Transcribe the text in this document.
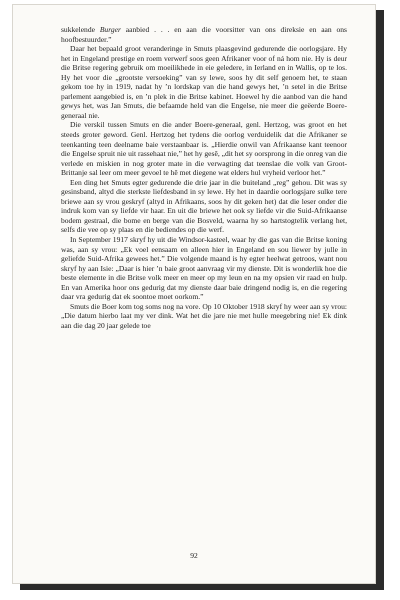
sukkelende Burger aanbied . . . en aan die voorsitter van ons direksie en aan ons hoofbestuurder.”

Daar het bepaald groot veranderinge in Smuts plaasgevind gedurende die oorlogsjare. Hy het in Engeland prestige en roem verwerf soos geen Afrikaner voor of ná hom nie. Hy is deur die Britse regering gebruik om moeilikhede in eie geledere, in Ierland en in Wallis, op te los. Hy het voor die „grootste versoeking” van sy lewe, soos hy dit self genoem het, te staan gekom toe hy in 1919, nadat hy ’n lordskap van die hand gewys het, ’n setel in die Britse parlement aangebied is, en ’n plek in die Britse kabinet. Hoewel hy die aanbod van die hand gewys het, was Jan Smuts, die befaamde held van die Engelse, nie meer die geëerde Boere-generaal nie.

Die verskil tussen Smuts en die ander Boere-generaal, genl. Hertzog, was groot en het steeds groter geword. Genl. Hertzog het tydens die oorlog verduidelik dat die Afrikaner se teenkanting teen deelname baie verstaanbaar is. „Hierdie onwil van Afrikaanse kant teenoor die Engelse spruit nie uit rassehaat nie,” het hy gesê, „dit het sy oorsprong in die onreg van die verlede en miskien in nog groter mate in die verwagting dat teenslae die volk van Groot-Brittanje sal leer om meer gevoel te hê met diegene wat elders hul vryheid verloor het.”

Een ding het Smuts egter gedurende die drie jaar in die buiteland „reg” gehou. Dit was sy gesinsband, altyd die sterkste liefdesband in sy lewe. Hy het in daardie oorlogsjare sulke tere briewe aan sy vrou geskryf (altyd in Afrikaans, soos hy dit geken het) dat die leser onder die indruk kom van sy liefde vir haar. En uit die briewe het ook sy liefde vir die Suid-Afrikaanse bodem gestraal, die bome en berge van die Bosveld, waarna hy so hartstogtelik verlang het, selfs die vee op sy plaas en die bediendes op die werf.

In September 1917 skryf hy uit die Windsor-kasteel, waar hy die gas van die Britse koning was, aan sy vrou: „Ek voel eensaam en alleen hier in Engeland en sou liewer by julle in geliefde Suid-Afrika gewees het.” Die volgende maand is hy egter heelwat getroos, want nou skryf hy aan Isie: „Daar is hier ’n baie groot aanvraag vir my dienste. Dit is wonderlik hoe die beste elemente in die Britse volk meer en meer op my leun en na my opsien vir raad en hulp. En van Amerika hoor ons gedurig dat my dienste daar baie dringend nodig is, en die regering daar vra gedurig dat ek soontoe moet oorkom.”

Smuts die Boer kom tog soms nog na vore. Op 10 Oktober 1918 skryf hy weer aan sy vrou: „Die datum hierbo laat my ver dink. Wat het die jare nie met hulle meegebring nie! Ek dink aan die dag 20 jaar gelede toe

92
